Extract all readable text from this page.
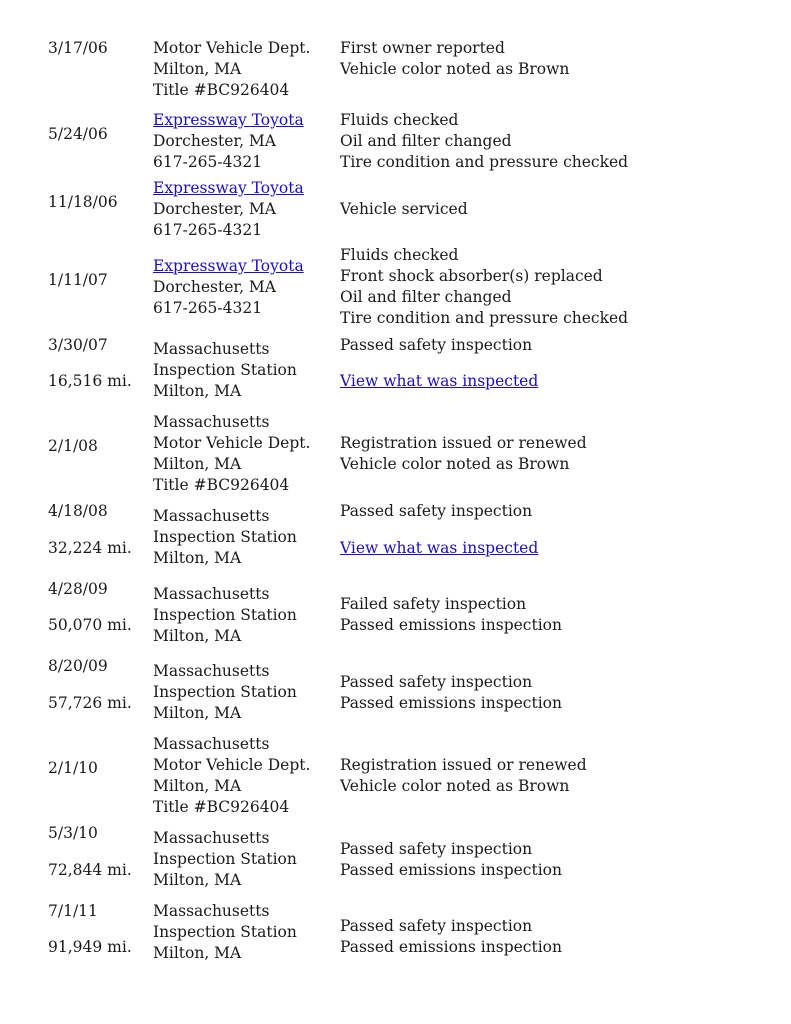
3/17/06	Motor Vehicle Dept.
Milton, MA
Title #BC926404
First owner reported
Vehicle color noted as Brown
5/24/06
Expressway Toyota
Dorchester, MA
617-265-4321
Fluids checked
Oil and filter changed
Tire condition and pressure checked
11/18/06
Expressway Toyota
Dorchester, MA
617-265-4321
Vehicle serviced
1/11/07
Expressway Toyota
Dorchester, MA
617-265-4321
Fluids checked
Front shock absorber(s) replaced
Oil and filter changed
Tire condition and pressure checked
3/30/07
16,516 mi.
Massachusetts
Inspection Station
Milton, MA
Passed safety inspection
View what was inspected
2/1/08
Massachusetts
Motor Vehicle Dept.
Milton, MA
Title #BC926404
Registration issued or renewed
Vehicle color noted as Brown
4/18/08
32,224 mi.
Massachusetts
Inspection Station
Milton, MA
Passed safety inspection
View what was inspected
4/28/09
50,070 mi.
Massachusetts
Inspection Station
Milton, MA
Failed safety inspection
Passed emissions inspection
8/20/09
57,726 mi.
Massachusetts
Inspection Station
Milton, MA
Passed safety inspection
Passed emissions inspection
2/1/10
Massachusetts
Motor Vehicle Dept.
Milton, MA
Title #BC926404
Registration issued or renewed
Vehicle color noted as Brown
5/3/10
72,844 mi.
Massachusetts
Inspection Station
Milton, MA
Passed safety inspection
Passed emissions inspection
7/1/11
91,949 mi.
Massachusetts
Inspection Station
Milton, MA
Passed safety inspection
Passed emissions inspection
